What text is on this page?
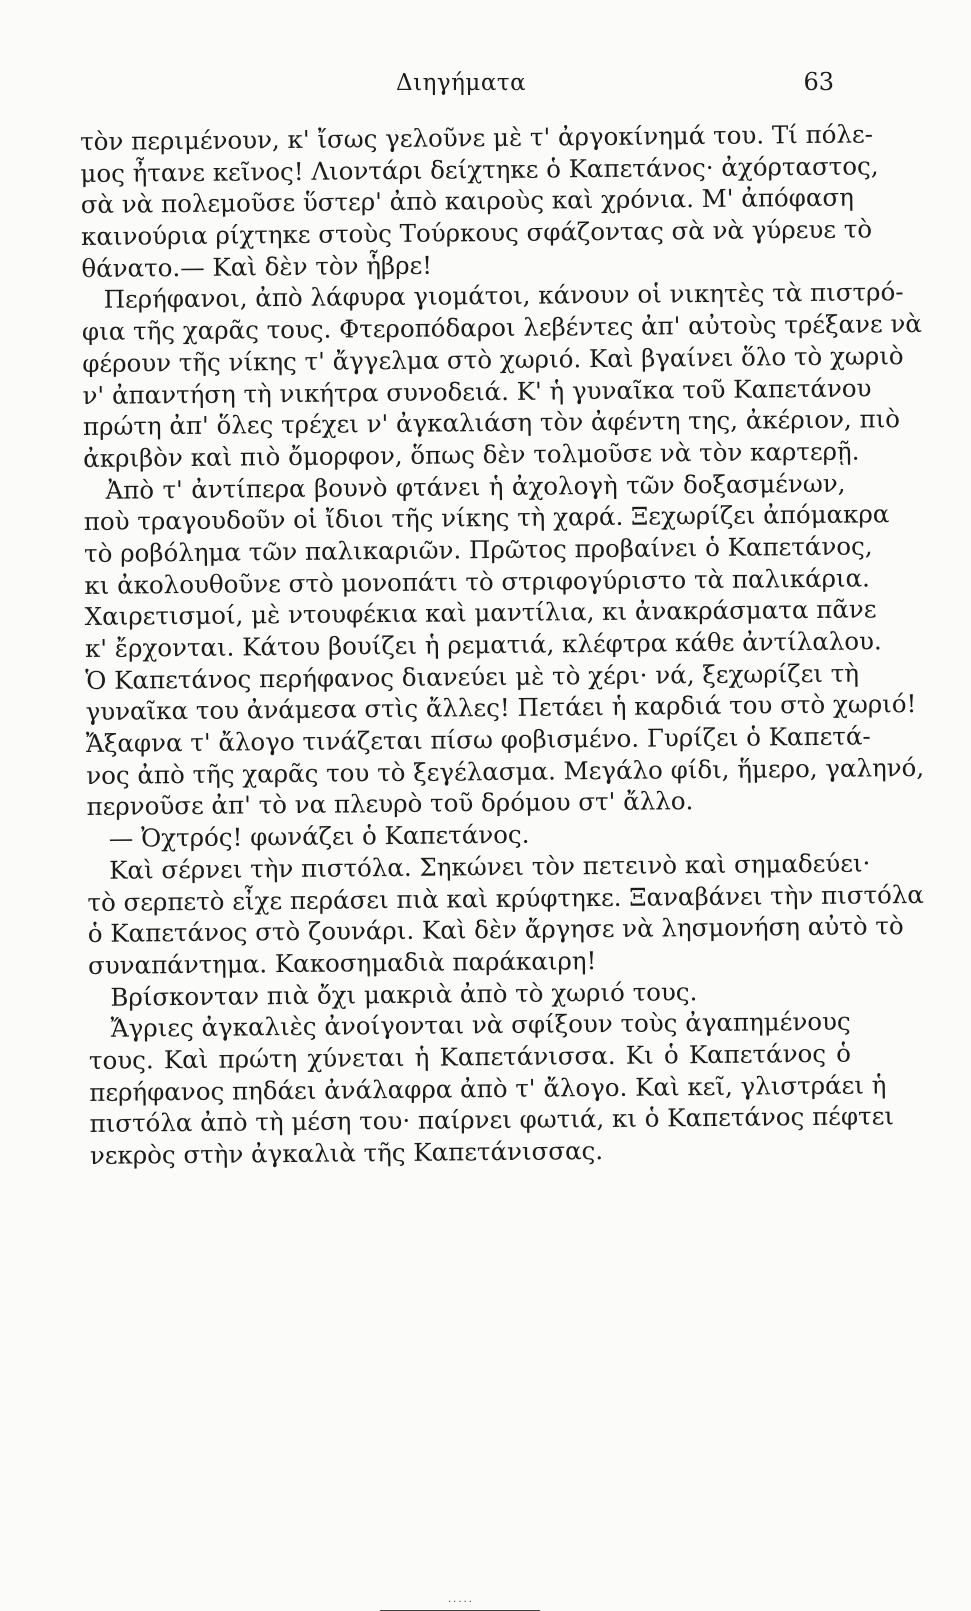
Διηγήματα	63
τὸν περιμένουν, κ' ἴσως γελοῦνε μὲ τ' ἀργοκίνημά του. Τί πόλε-
μος ἦτανε κεῖνος! Λιοντάρι δείχτηκε ὁ Καπετάνος· ἀχόρταστος,
σὰ νὰ πολεμοῦσε ὕστερ' ἀπὸ καιροὺς καὶ χρόνια. Μ' ἀπόφαση
καινούρια ρίχτηκε στοὺς Τούρκους σφάζοντας σὰ νὰ γύρευε τὸ
θάνατο.— Καὶ δὲν τὸν ἧβρε!
Περήφανοι, ἀπὸ λάφυρα γιομάτοι, κάνουν οἱ νικητὲς τὰ πιστρό-
φια τῆς χαρᾶς τους. Φτεροπόδαροι λεβέντες ἀπ' αὐτοὺς τρέξανε νὰ
φέρουν τῆς νίκης τ' ἄγγελμα στὸ χωριό. Καὶ βγαίνει ὅλο τὸ χωριὸ
ν' ἀπαντήση τὴ νικήτρα συνοδειά. Κ' ἡ γυναῖκα τοῦ Καπετάνου
πρώτη ἀπ' ὅλες τρέχει ν' ἀγκαλιάση τὸν ἀφέντη της, ἀκέριον, πιὸ
ἀκριβὸν καὶ πιὸ ὄμορφον, ὅπως δὲν τολμοῦσε νὰ τὸν καρτερῇ.
Ἀπὸ τ' ἀντίπερα βουνὸ φτάνει ἡ ἀχολογὴ τῶν δοξασμένων,
ποὺ τραγουδοῦν οἱ ἴδιοι τῆς νίκης τὴ χαρά. Ξεχωρίζει ἀπόμακρα
τὸ ροβόλημα τῶν παλικαριῶν. Πρῶτος προβαίνει ὁ Καπετάνος,
κι ἀκολουθοῦνε στὸ μονοπάτι τὸ στριφογύριστο τὰ παλικάρια.
Χαιρετισμοί, μὲ ντουφέκια καὶ μαντίλια, κι ἀνακράσματα πᾶνε
κ' ἔρχονται. Κάτου βουίζει ἡ ρεματιά, κλέφτρα κάθε ἀντίλαλου.
Ὁ Καπετάνος περήφανος διανεύει μὲ τὸ χέρι· νά, ξεχωρίζει τὴ
γυναῖκα του ἀνάμεσα στὶς ἄλλες! Πετάει ἡ καρδιά του στὸ χωριό!
Ἄξαφνα τ' ἄλογο τινάζεται πίσω φοβισμένο. Γυρίζει ὁ Καπετά-
νος ἀπὸ τῆς χαρᾶς του τὸ ξεγέλασμα. Μεγάλο φίδι, ἥμερο, γαληνό,
περνοῦσε ἀπ' τὸ να πλευρὸ τοῦ δρόμου στ' ἄλλο.
— Ὀχτρός! φωνάζει ὁ Καπετάνος.
Καὶ σέρνει τὴν πιστόλα. Σηκώνει τὸν πετεινὸ καὶ σημαδεύει·
τὸ σερπετὸ εἶχε περάσει πιὰ καὶ κρύφτηκε. Ξαναβάνει τὴν πιστόλα
ὁ Καπετάνος στὸ ζουνάρι. Καὶ δὲν ἄργησε νὰ λησμονήση αὐτὸ τὸ
συναπάντημα. Κακοσημαδιὰ παράκαιρη!
Βρίσκονταν πιὰ ὄχι μακριὰ ἀπὸ τὸ χωριό τους.
Ἄγριες ἀγκαλιὲς ἀνοίγονται νὰ σφίξουν τοὺς ἀγαπημένους
τους. Καὶ πρώτη χύνεται ἡ Καπετάνισσα. Κι ὁ Καπετάνος ὁ
περήφανος πηδάει ἀνάλαφρα ἀπὸ τ' ἄλογο. Καὶ κεῖ, γλιστράει ἡ
πιστόλα ἀπὸ τὴ μέση του· παίρνει φωτιά, κι ὁ Καπετάνος πέφτει
νεκρὸς στὴν ἀγκαλιὰ τῆς Καπετάνισσας.
·····
